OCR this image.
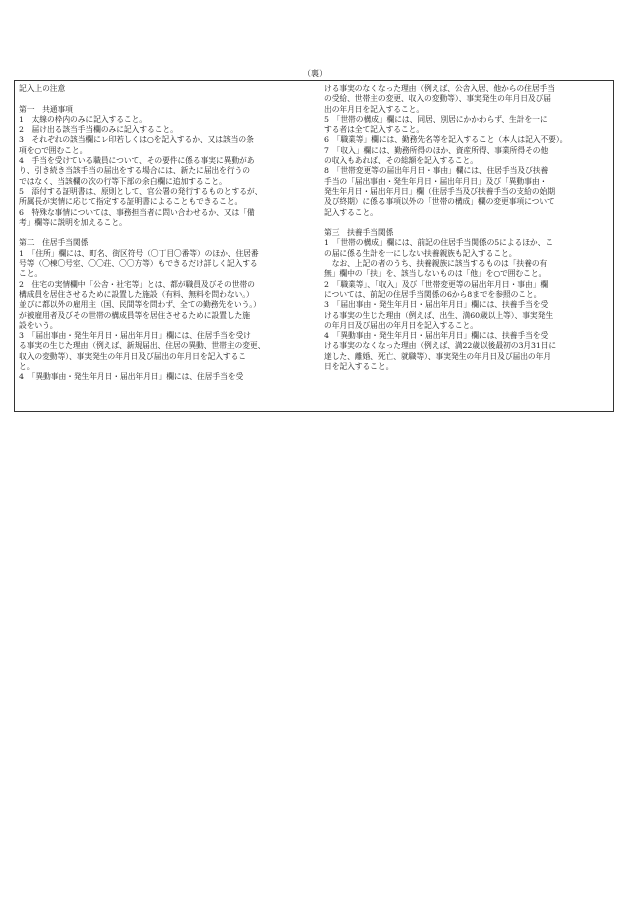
（裏）
記入上の注意
第一　共通事項
1　太線の枠内のみに記入すること。
2　届け出る該当手当欄のみに記入すること。
3　それぞれの該当欄にレ印若しくは○を記入するか、又は該当の条
項を○で囲むこと。
4　手当を受けている職員について、その要件に係る事実に異動があ
り、引き続き当該手当の届出をする場合には、新たに届出を行うの
ではなく、当該欄の次の行等下部の余白欄に追加すること。
5　添付する証明書は、原則として、官公署の発行するものとするが、
所属長が実情に応じて指定する証明書によることもできること。
6　特殊な事情については、事務担当者に問い合わせるか、又は「備
考」欄等に説明を加えること。
第二　住居手当関係
1　「住所」欄には、町名、街区符号（〇丁目〇番等）のほか、住居番
号等（〇棟〇号室、〇〇荘、〇〇方等）もできるだけ詳しく記入する
こと。
2　住宅の実情欄中「公舎・社宅等」とは、都が職員及びその世帯の
構成員を居住させるために設置した施設（有料、無料を問わない。）
並びに都以外の雇用主（国、民間等を問わず、全ての勤務先をいう。）
が被雇用者及びその世帯の構成員等を居住させるために設置した施
設をいう。
3　「届出事由・発生年月日・届出年月日」欄には、住居手当を受け
る事実の生じた理由（例えば、新規届出、住居の異動、世帯主の変更、
収入の変動等）、事実発生の年月日及び届出の年月日を記入するこ
と。
4　「異動事由・発生年月日・届出年月日」欄には、住居手当を受
ける事実のなくなった理由（例えば、公舎入居、他からの住居手当
の受給、世帯主の変更、収入の変動等）、事実発生の年月日及び届
出の年月日を記入すること。
5　「世帯の構成」欄には、同居、別居にかかわらず、生計を一に
する者は全て記入すること。
6　「職業等」欄には、勤務先名等を記入すること（本人は記入不要）。
7　「収入」欄には、勤務所得のほか、資産所得、事業所得その他
の収入もあれば、その総額を記入すること。
8　「世帯変更等の届出年月日・事由」欄には、住居手当及び扶養
手当の「届出事由・発生年月日・届出年月日」及び「異動事由・
発生年月日・届出年月日」欄（住居手当及び扶養手当の支給の始期
及び終期）に係る事項以外の「世帯の構成」欄の変更事項について
記入すること。
第三　扶養手当関係
1　「世帯の構成」欄には、前記の住居手当関係の5によるほか、こ
の届に係る生計を一にしない扶養親族も記入すること。
　なお、上記の者のうち、扶養親族に該当するものは「扶養の有
無」欄中の「扶」を、該当しないものは「他」を○で囲むこと。
2　「職業等」、「収入」及び「世帯変更等の届出年月日・事由」欄
については、前記の住居手当関係の6から8までを参照のこと。
3　「届出事由・発生年月日・届出年月日」欄には、扶養手当を受
ける事実の生じた理由（例えば、出生、満60歳以上等）、事実発生
の年月日及び届出の年月日を記入すること。
4　「異動事由・発生年月日・届出年月日」欄には、扶養手当を受
ける事実のなくなった理由（例えば、満22歳以後最初の3月31日に
達した、離婚、死亡、就職等）、事実発生の年月日及び届出の年月
日を記入すること。
